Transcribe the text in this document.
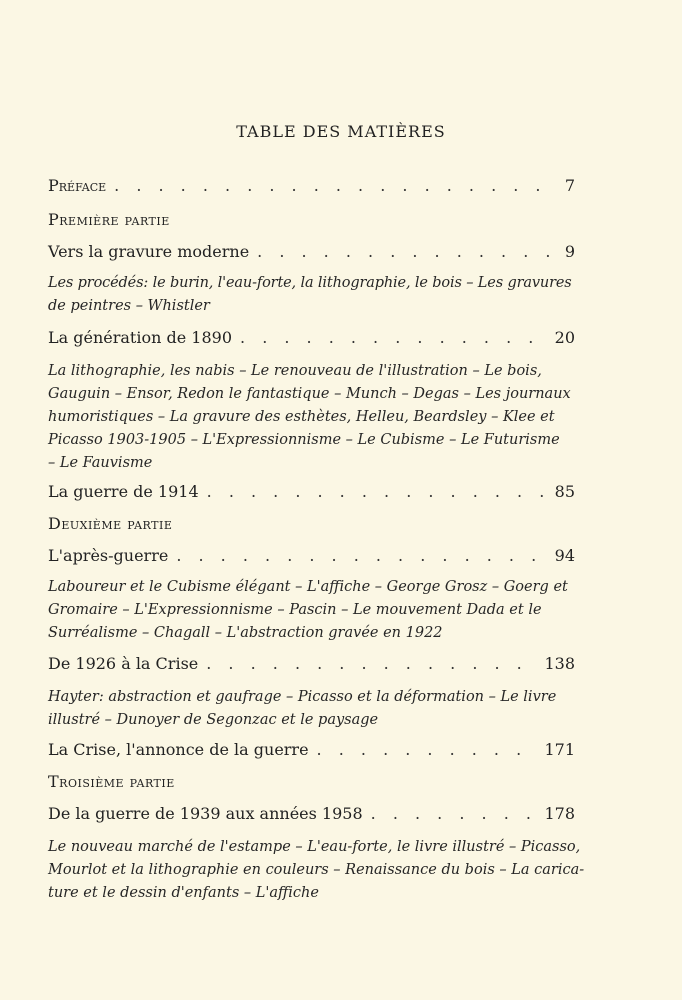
TABLE DES MATIÈRES
Préface . . .	7
Première partie
Vers la gravure moderne . . .	9
Les procédés: le burin, l'eau-forte, la lithographie, le bois – Les gravures
de peintres – Whistler
La génération de 1890 . . .	20
La lithographie, les nabis – Le renouveau de l'illustration – Le bois,
Gauguin – Ensor, Redon le fantastique – Munch – Degas – Les journaux
humoristiques – La gravure des esthètes, Helleu, Beardsley – Klee et
Picasso 1903-1905 – L'Expressionnisme – Le Cubisme – Le Futurisme
– Le Fauvisme
La guerre de 1914 . . .	85
Deuxième partie
L'après-guerre . . .	94
Laboureur et le Cubisme élégant – L'affiche – George Grosz – Goerg et
Gromaire – L'Expressionnisme – Pascin – Le mouvement Dada et le
Surréalisme – Chagall – L'abstraction gravée en 1922
De 1926 à la Crise . . .	138
Hayter: abstraction et gaufrage – Picasso et la déformation – Le livre
illustré – Dunoyer de Segonzac et le paysage
La Crise, l'annonce de la guerre . . .	171
Troisième partie
De la guerre de 1939 aux années 1958 . . .	178
Le nouveau marché de l'estampe – L'eau-forte, le livre illustré – Picasso,
Mourlot et la lithographie en couleurs – Renaissance du bois – La carica-
ture et le dessin d'enfants – L'affiche
